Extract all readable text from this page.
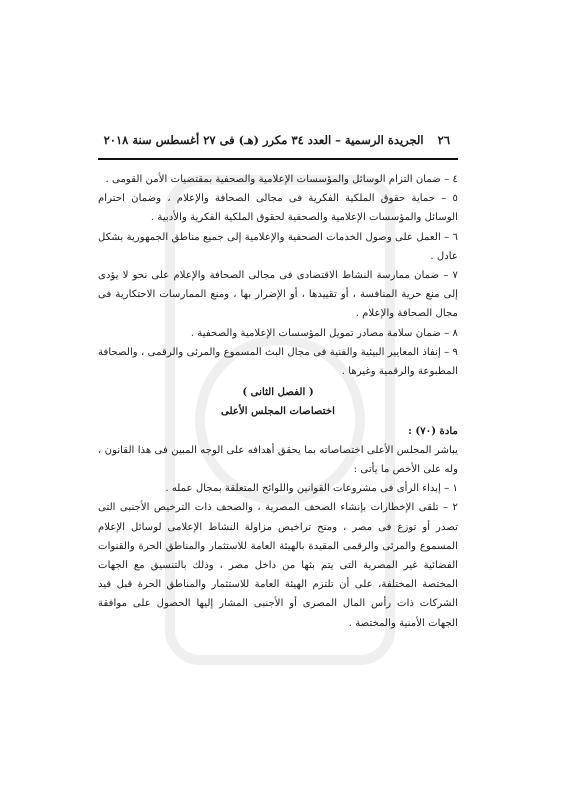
٢٦ الجريدة الرسمية – العدد ٣٤ مكرر (هـ) فى ٢٧ أغسطس سنة ٢٠١٨

٤ – ضمان التزام الوسائل والمؤسسات الإعلامية والصحفية بمقتضيات الأمن القومى .

٥ – حماية حقوق الملكية الفكرية فى مجالى الصحافة والإعلام ، وضمان احترام الوسائل والمؤسسات الإعلامية والصحفية لحقوق الملكية الفكرية والأدبية .

٦ – العمل على وصول الخدمات الصحفية والإعلامية إلى جميع مناطق الجمهورية بشكل عادل .

٧ – ضمان ممارسة النشاط الاقتصادى فى مجالى الصحافة والإعلام على نحو لا يؤدى إلى منع حرية المنافسة ، أو تقييدها ، أو الإضرار بها ، ومنع الممارسات الاحتكارية فى مجال الصحافة والإعلام .

٨ – ضمان سلامة مصادر تمويل المؤسسات الإعلامية والصحفية .

٩ – إنفاذ المعايير البيئية والفنية فى مجال البث المسموع والمرئى والرقمى ، والصحافة المطبوعة والرقمية وغيرها .

( الفصل الثانى )

اختصاصات المجلس الأعلى

مادة (٧٠) :

يباشر المجلس الأعلى اختصاصاته بما يحقق أهدافه على الوجه المبين فى هذا القانون ، وله على الأخص ما يأتى :

١ – إبداء الرأى فى مشروعات القوانين واللوائح المتعلقة بمجال عمله .

٢ – تلقى الإخطارات بإنشاء الصحف المصرية ، والصحف ذات الترخيص الأجنبى التى تصدر أو توزع فى مصر ، ومنح تراخيص مزاولة النشاط الإعلامى لوسائل الإعلام المسموع والمرئى والرقمى المقيدة بالهيئة العامة للاستثمار والمناطق الحرة والقنوات الفضائية غير المصرية التى يتم بثها من داخل مصر ، وذلك بالتنسيق مع الجهات المختصة المختلفة، على أن تلتزم الهيئة العامة للاستثمار والمناطق الحرة قبل قيد الشركات ذات رأس المال المصرى أو الأجنبى المشار إليها الحصول على موافقة الجهات الأمنية والمختصة .
